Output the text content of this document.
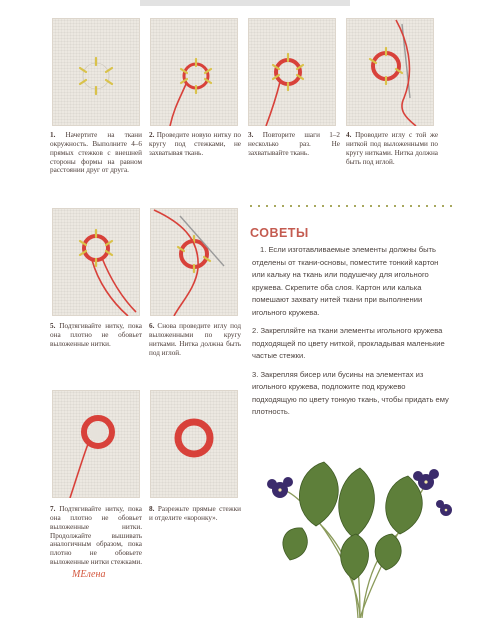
1. Начертите на ткани окружность. Выполните 4–6 прямых стежков с внешней стороны формы на равном расстоянии друг от друга.
2. Проведите новую нитку по кругу под стежками, не захватывая ткань.
3. Повторите шаги 1–2 несколько раз. Не захватывайте ткань.
4. Проводите иглу с той же ниткой под выложенными по кругу нитками. Нитка должна быть под иглой.
5. Подтягивайте нитку, пока она плотно не обовьет выложенные нитки.
6. Снова проведите иглу под выложенными по кругу нитками. Нитка должна быть под иглой.
7. Подтягивайте нитку, пока она плотно не обовьет выложенные нитки. Продолжайте вышивать аналогичным образом, пока плотно не обовьете выложенные нитки стежками.
8. Разрежьте прямые стежки и отделите «коронку».
MЕлена
СОВЕТЫ

1. Если изготавливаемые элементы должны быть отделены от ткани-основы, поместите тонкий картон или кальку на ткань или подушечку для игольного кружева. Скрепите оба слоя. Картон или калька помешают захвату нитей ткани при выполнении игольного кружева.

2. Закрепляйте на ткани элементы игольного кружева подходящей по цвету ниткой, прокладывая маленькие частые стежки.

3. Закрепляя бисер или бусины на элементах из игольного кружева, подложите под кружево подходящую по цвету тонкую ткань, чтобы придать ему плотность.
